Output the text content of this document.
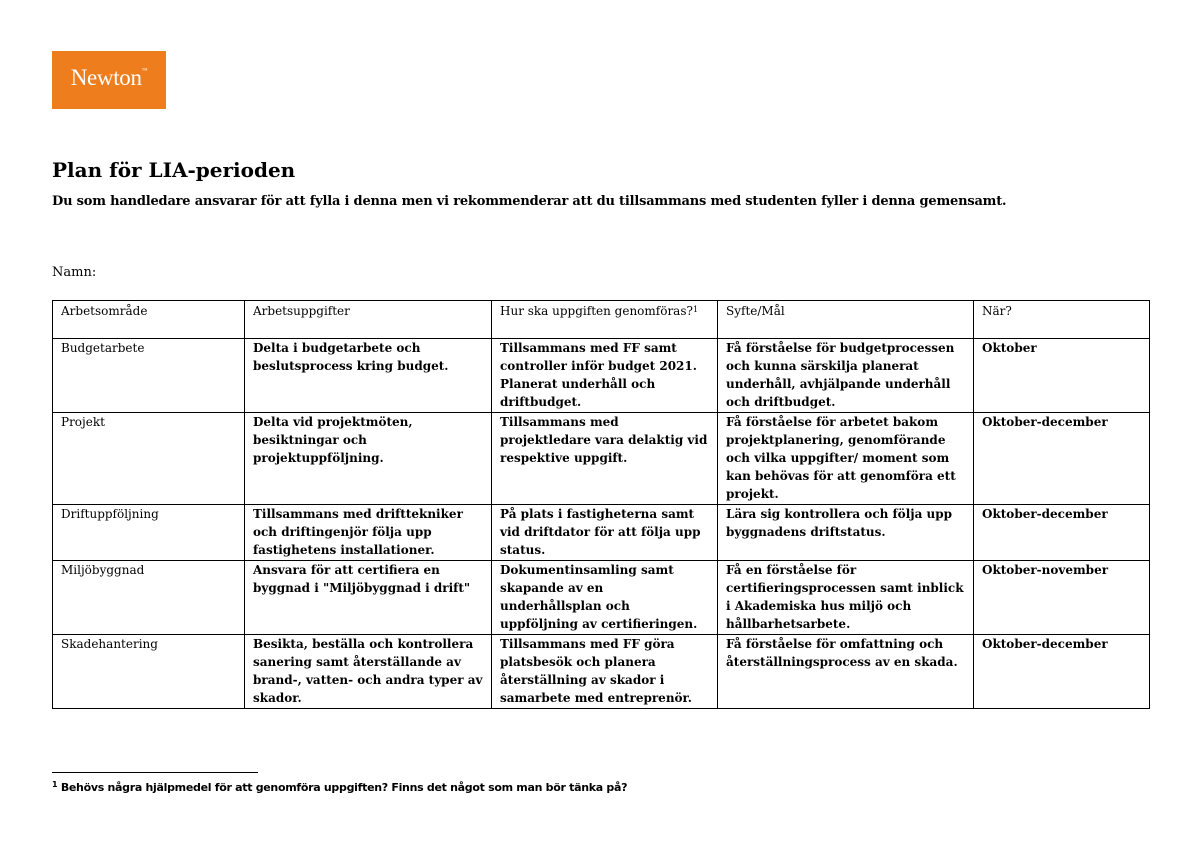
Newton™
Plan för LIA-perioden

Du som handledare ansvarar för att fylla i denna men vi rekommenderar att du tillsammans med studenten fyller i denna gemensamt.

Namn:
Arbetsområde	Arbetsuppgifter	Hur ska uppgiften genomföras?$^1$	Syfte/Mål	När?
Budgetarbete	Delta i budgetarbete och beslutsprocess kring budget.	Tillsammans med FF samt controller inför budget 2021. Planerat underhåll och driftbudget.	Få förståelse för budgetprocessen och kunna särskilja planerat underhåll, avhjälpande underhåll och driftbudget.	Oktober
Projekt	Delta vid projektmöten, besiktningar och projektuppföljning.	Tillsammans med projektledare vara delaktig vid respektive uppgift.	Få förståelse för arbetet bakom projektplanering, genomförande och vilka uppgifter/ moment som kan behövas för att genomföra ett projekt.	Oktober-december
Driftuppföljning	Tillsammans med drifttekniker och driftingenjör följa upp fastighetens installationer.	På plats i fastigheterna samt vid driftdator för att följa upp status.	Lära sig kontrollera och följa upp byggnadens driftstatus.	Oktober-december
Miljöbyggnad	Ansvara för att certifiera en byggnad i "Miljöbyggnad i drift"	Dokumentinsamling samt skapande av en underhållsplan och uppföljning av certifieringen.	Få en förståelse för certifieringsprocessen samt inblick i Akademiska hus miljö och hållbarhetsarbete.	Oktober-november
Skadehantering	Besikta, beställa och kontrollera sanering samt återställande av brand-, vatten- och andra typer av skador.	Tillsammans med FF göra platsbesök och planera återställning av skador i samarbete med entreprenör.	Få förståelse för omfattning och återställningsprocess av en skada.	Oktober-december
$^1$ Behövs några hjälpmedel för att genomföra uppgiften? Finns det något som man bör tänka på?
